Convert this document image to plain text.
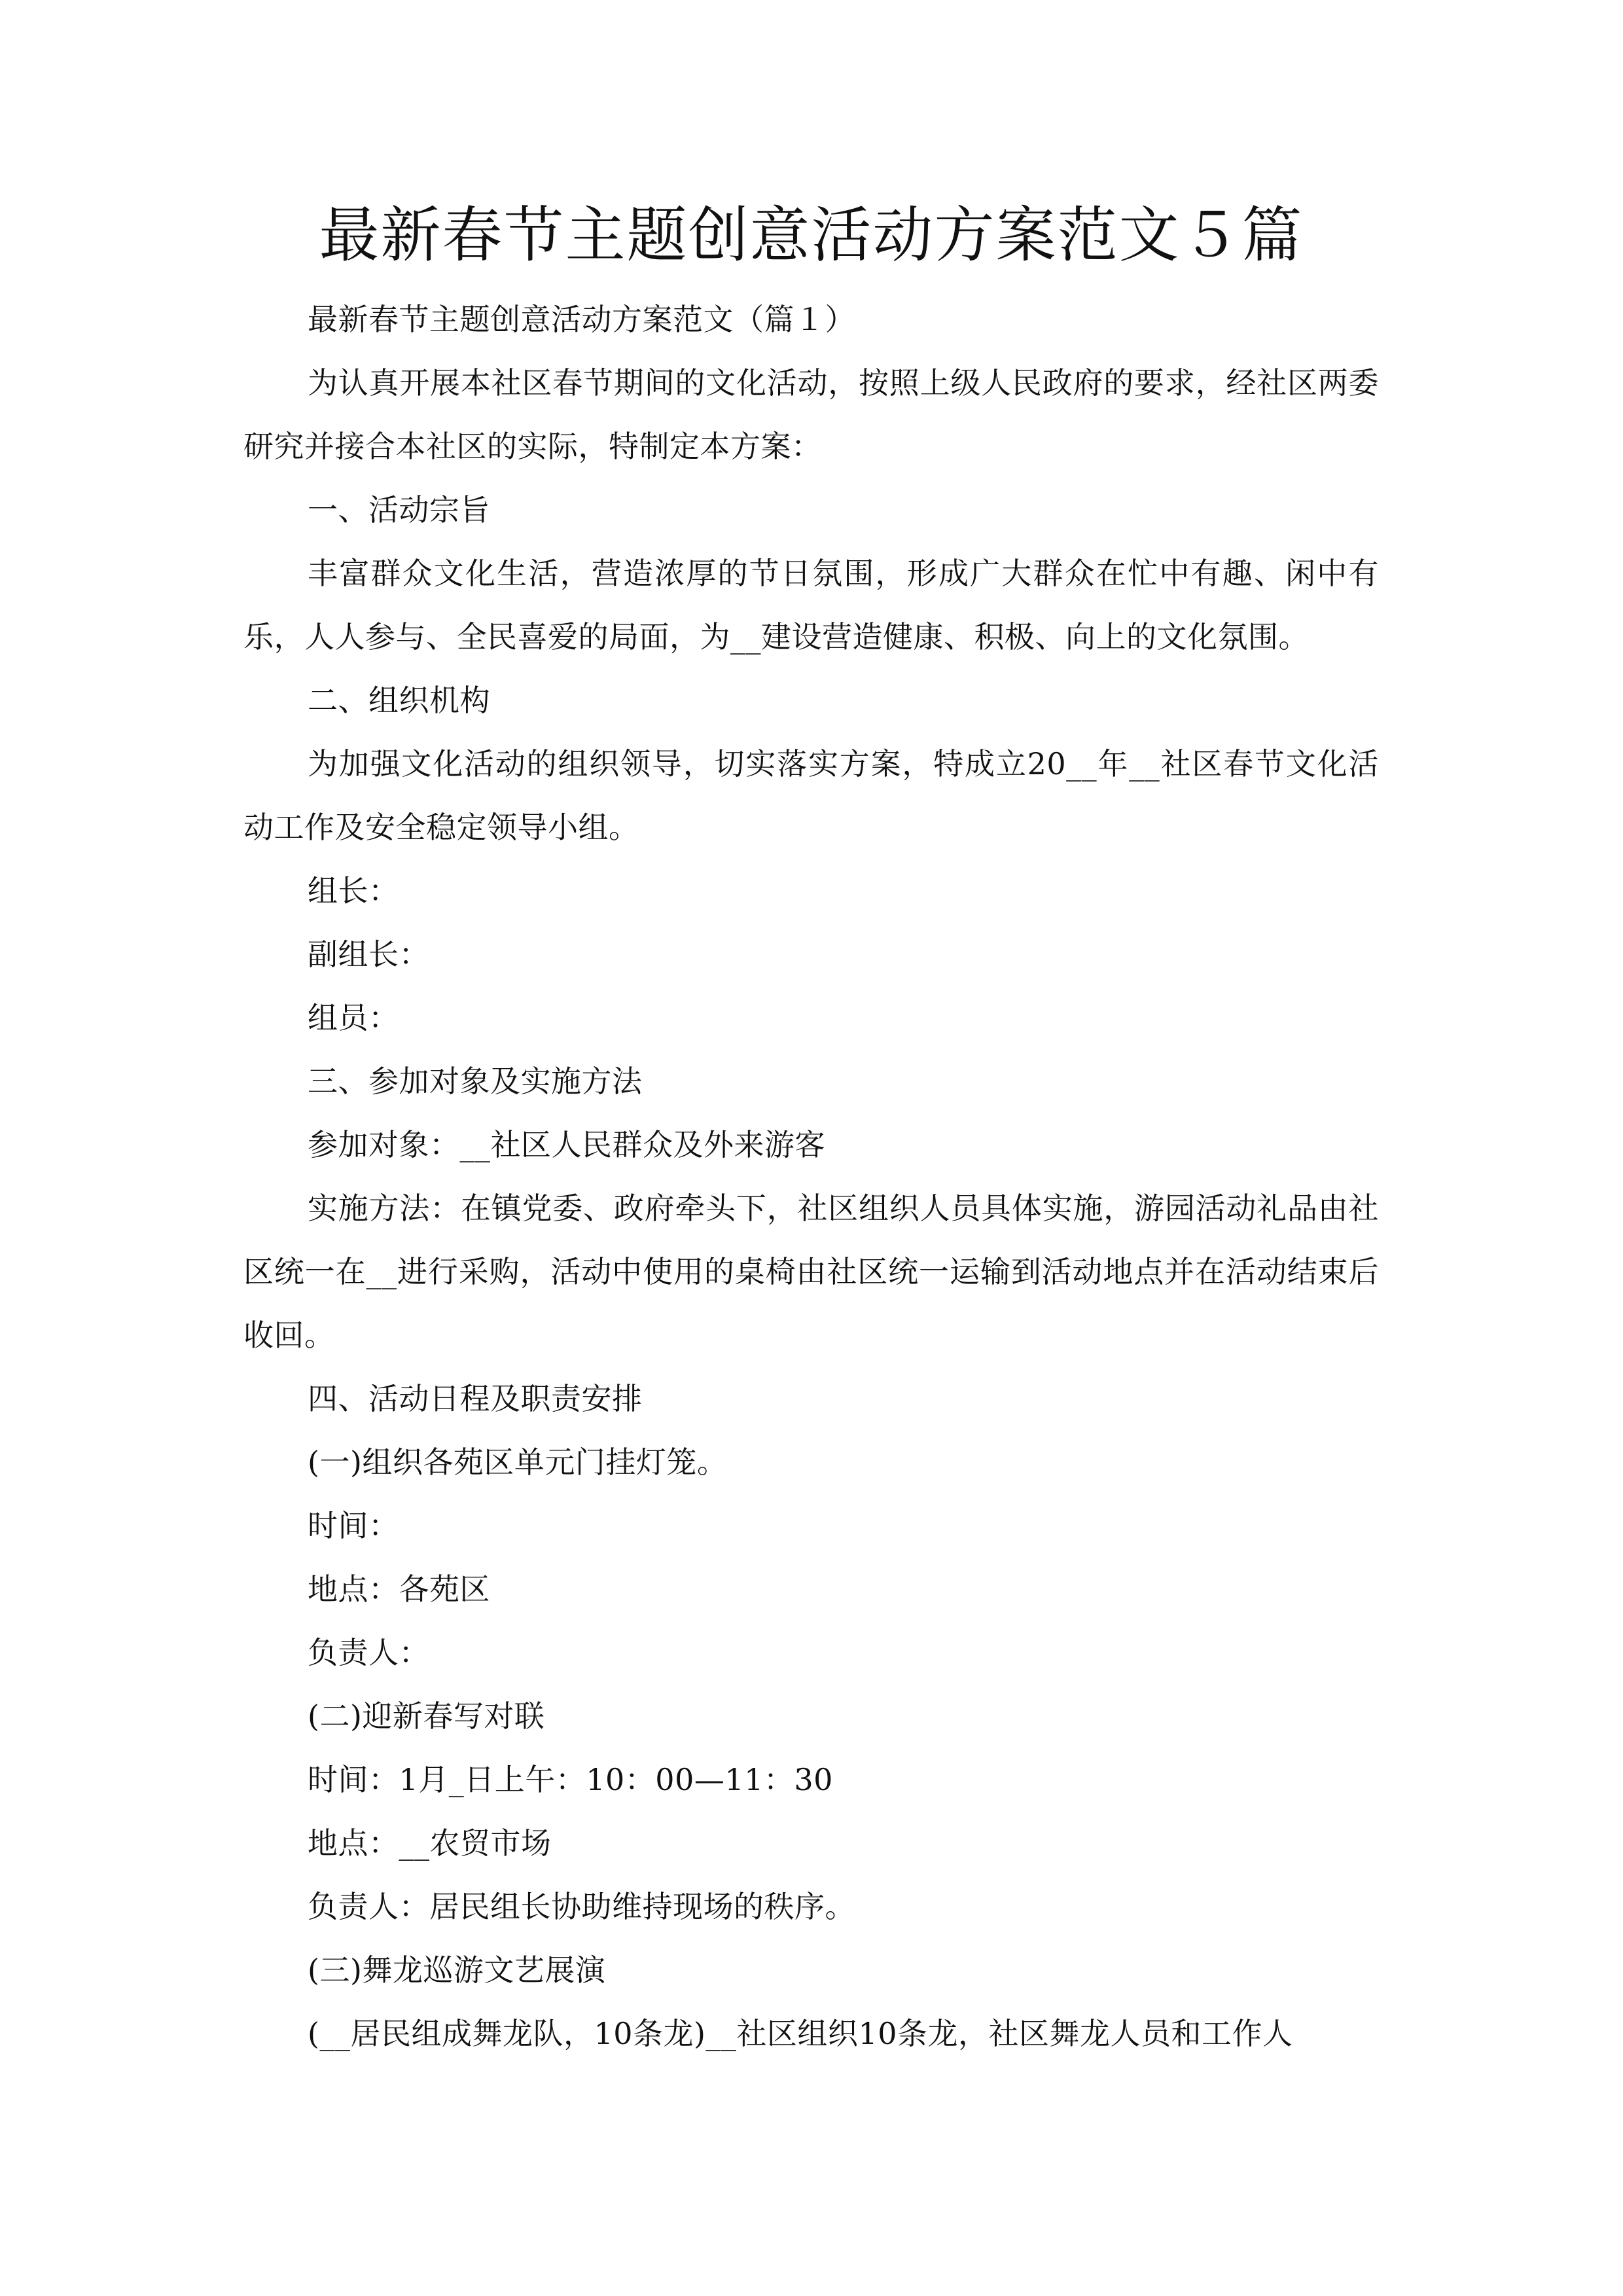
最新春节主题创意活动方案范文５篇

最新春节主题创意活动方案范文（篇１）

为认真开展本社区春节期间的文化活动，按照上级人民政府的要求，经社区两委研究并接合本社区的实际，特制定本方案：

一、活动宗旨

丰富群众文化生活，营造浓厚的节日氛围，形成广大群众在忙中有趣、闲中有乐，人人参与、全民喜爱的局面，为__建设营造健康、积极、向上的文化氛围。

二、组织机构

为加强文化活动的组织领导，切实落实方案，特成立20__年__社区春节文化活动工作及安全稳定领导小组。

组长：

副组长：

组员：

三、参加对象及实施方法

参加对象：__社区人民群众及外来游客

实施方法：在镇党委、政府牵头下，社区组织人员具体实施，游园活动礼品由社区统一在__进行采购，活动中使用的桌椅由社区统一运输到活动地点并在活动结束后收回。

四、活动日程及职责安排

(一)组织各苑区单元门挂灯笼。

时间：

地点：各苑区

负责人：

(二)迎新春写对联

时间：1月_日上午：10：00—11：30

地点：__农贸市场

负责人：居民组长协助维持现场的秩序。

(三)舞龙巡游文艺展演

(__居民组成舞龙队，10条龙)__社区组织10条龙，社区舞龙人员和工作人
